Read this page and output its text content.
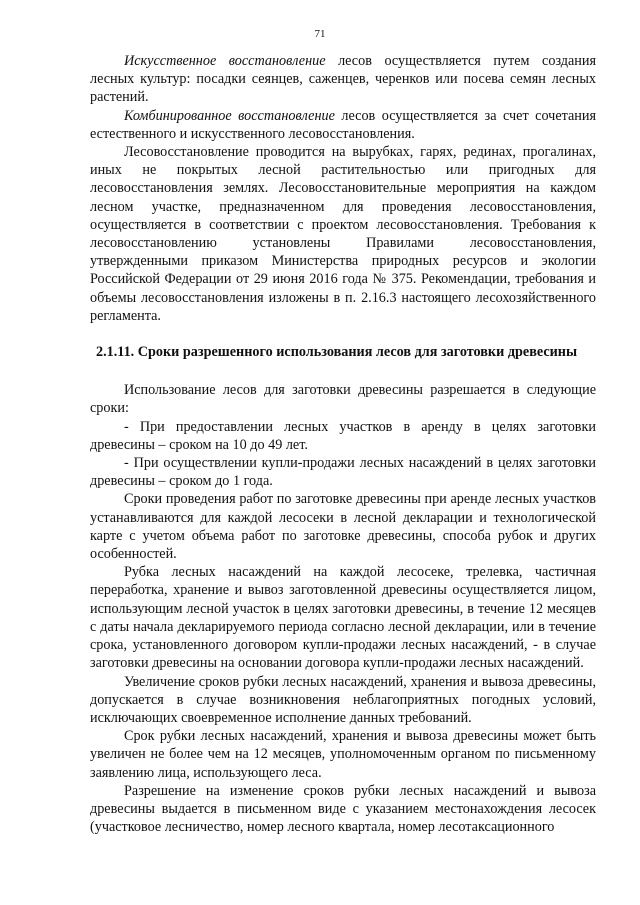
71

Искусственное восстановление лесов осуществляется путем создания лесных культур: посадки сеянцев, саженцев, черенков или посева семян лесных растений.

Комбинированное восстановление лесов осуществляется за счет сочетания естественного и искусственного лесовосстановления.

Лесовосстановление проводится на вырубках, гарях, рединах, прогалинах, иных не покрытых лесной растительностью или пригодных для лесовосстановления землях. Лесовосстановительные мероприятия на каждом лесном участке, предназначенном для проведения лесовосстановления, осуществляется в соответствии с проектом лесовосстановления. Требования к лесовосстановлению установлены Правилами лесовосстановления, утвержденными приказом Министерства природных ресурсов и экологии Российской Федерации от 29 июня 2016 года № 375. Рекомендации, требования и объемы лесовосстановления изложены в п. 2.16.3 настоящего лесохозяйственного регламента.

2.1.11. Сроки разрешенного использования лесов для заготовки древесины

Использование лесов для заготовки древесины разрешается в следующие сроки:

- При предоставлении лесных участков в аренду в целях заготовки древесины – сроком на 10 до 49 лет.

- При осуществлении купли-продажи лесных насаждений в целях заготовки древесины – сроком до 1 года.

Сроки проведения работ по заготовке древесины при аренде лесных участков устанавливаются для каждой лесосеки в лесной декларации и технологической карте с учетом объема работ по заготовке древесины, способа рубок и других особенностей.

Рубка лесных насаждений на каждой лесосеке, трелевка, частичная переработка, хранение и вывоз заготовленной древесины осуществляется лицом, использующим лесной участок в целях заготовки древесины, в течение 12 месяцев с даты начала декларируемого периода согласно лесной декларации, или в течение срока, установленного договором купли-продажи лесных насаждений, - в случае заготовки древесины на основании договора купли-продажи лесных насаждений.

Увеличение сроков рубки лесных насаждений, хранения и вывоза древесины, допускается в случае возникновения неблагоприятных погодных условий, исключающих своевременное исполнение данных требований.

Срок рубки лесных насаждений, хранения и вывоза древесины может быть увеличен не более чем на 12 месяцев, уполномоченным органом по письменному заявлению лица, использующего леса.

Разрешение на изменение сроков рубки лесных насаждений и вывоза древесины выдается в письменном виде с указанием местонахождения лесосек (участковое лесничество, номер лесного квартала, номер лесотаксационного
